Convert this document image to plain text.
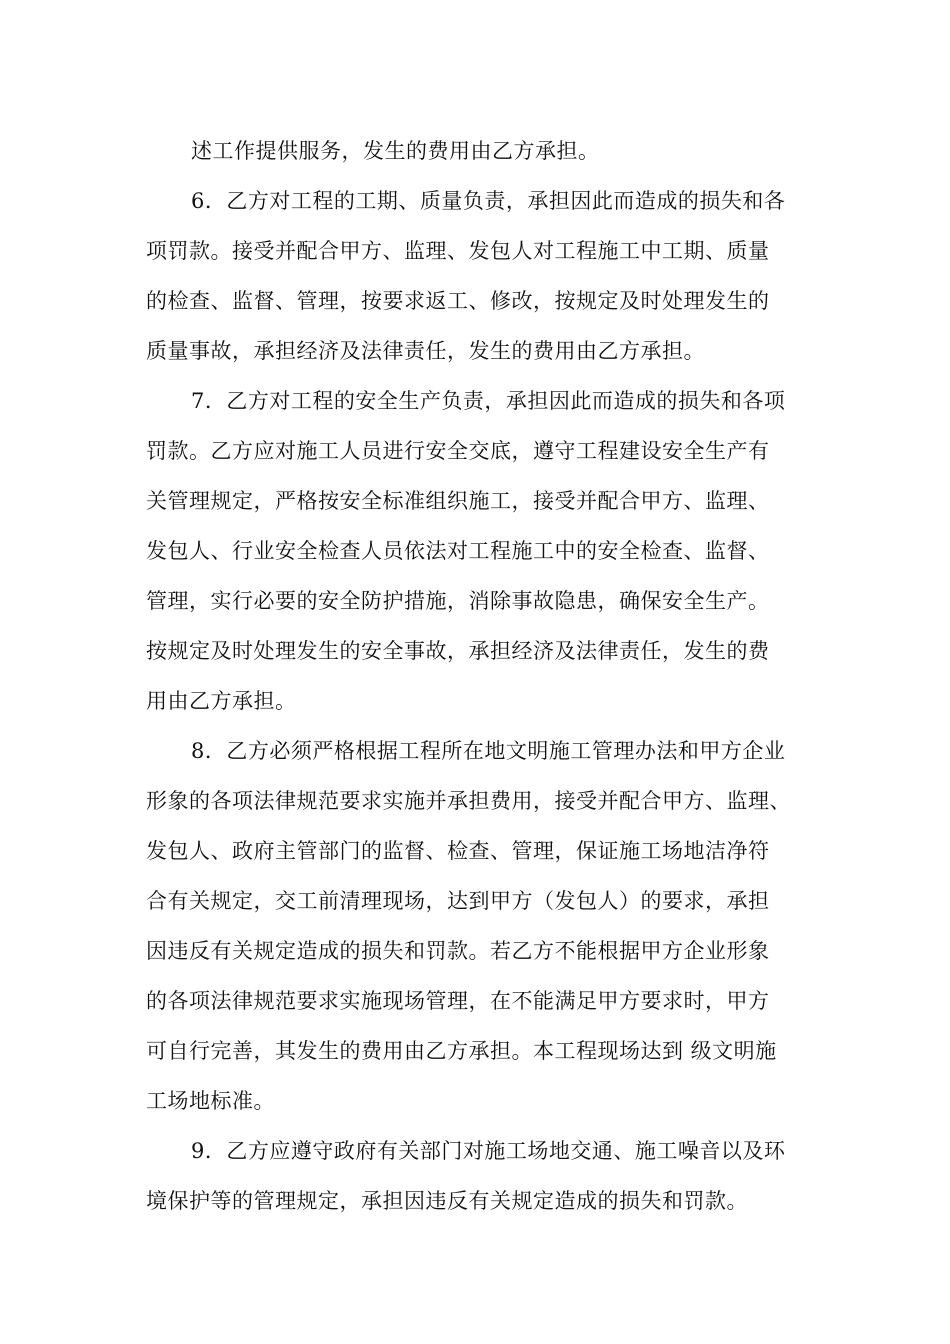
述工作提供服务，发生的费用由乙方承担。
6．乙方对工程的工期、质量负责，承担因此而造成的损失和各
项罚款。接受并配合甲方、监理、发包人对工程施工中工期、质量
的检查、监督、管理，按要求返工、修改，按规定及时处理发生的
质量事故，承担经济及法律责任，发生的费用由乙方承担。
7．乙方对工程的安全生产负责，承担因此而造成的损失和各项
罚款。乙方应对施工人员进行安全交底，遵守工程建设安全生产有
关管理规定，严格按安全标准组织施工，接受并配合甲方、监理、
发包人、行业安全检查人员依法对工程施工中的安全检查、监督、
管理，实行必要的安全防护措施，消除事故隐患，确保安全生产。
按规定及时处理发生的安全事故，承担经济及法律责任，发生的费
用由乙方承担。
8．乙方必须严格根据工程所在地文明施工管理办法和甲方企业
形象的各项法律规范要求实施并承担费用，接受并配合甲方、监理、
发包人、政府主管部门的监督、检查、管理，保证施工场地洁净符
合有关规定，交工前清理现场，达到甲方（发包人）的要求，承担
因违反有关规定造成的损失和罚款。若乙方不能根据甲方企业形象
的各项法律规范要求实施现场管理，在不能满足甲方要求时，甲方
可自行完善，其发生的费用由乙方承担。本工程现场达到 级文明施
工场地标准。
9．乙方应遵守政府有关部门对施工场地交通、施工噪音以及环
境保护等的管理规定，承担因违反有关规定造成的损失和罚款。
